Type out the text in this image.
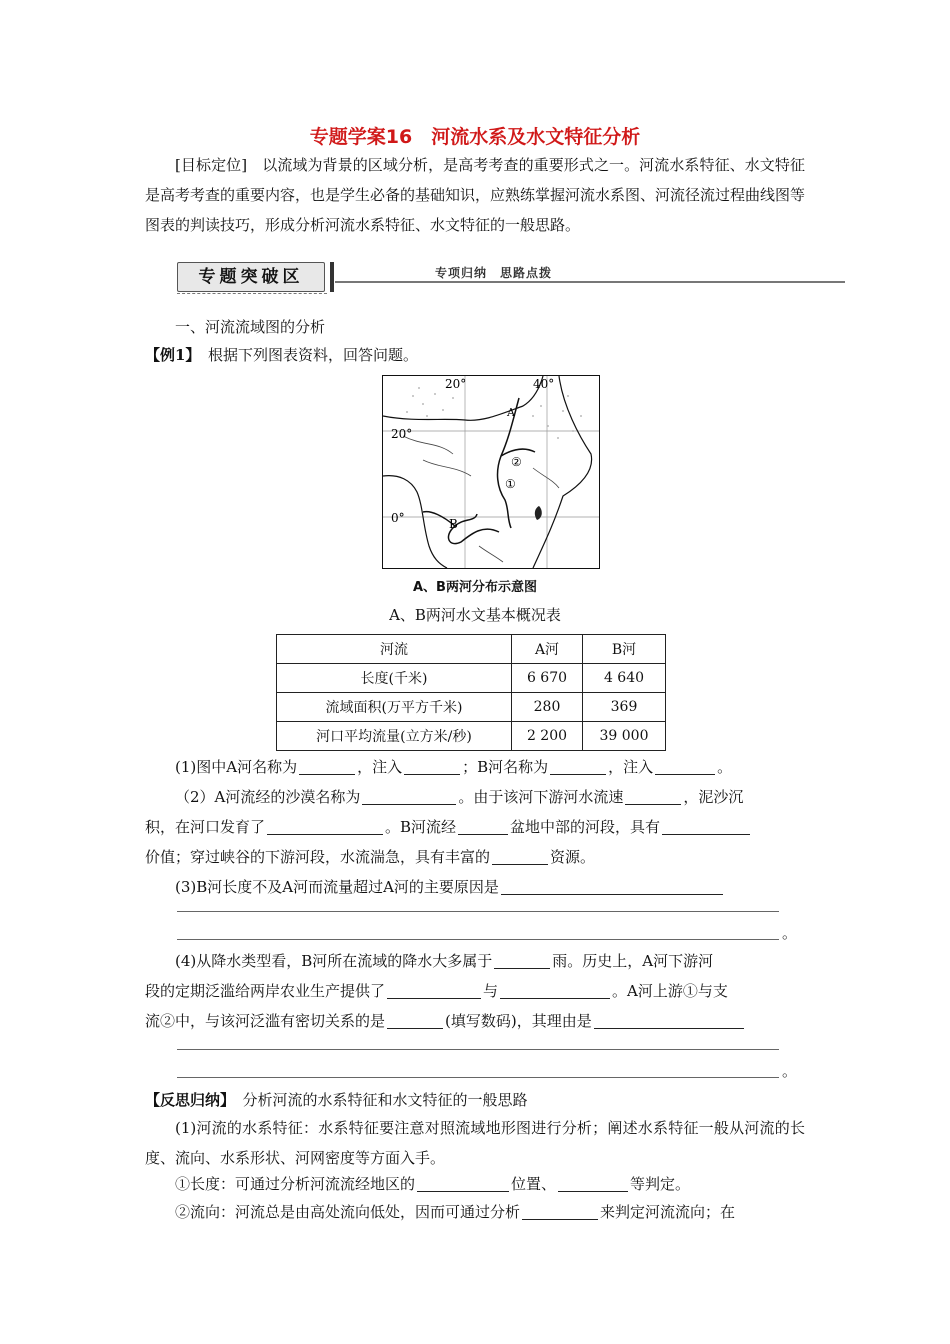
专题学案16　河流水系及水文特征分析
[目标定位]　 以流域为背景的区域分析，是高考考查的重要形式之一。河流水系特征、水文特征是高考考查的重要内容，也是学生必备的基础知识，应熟练掌握河流水系图、河流径流过程曲线图等图表的判读技巧，形成分析河流水系特征、水文特征的一般思路。
专题突破区	专项归纳　思路点拨
一、河流流域图的分析
【例1】　 根据下列图表资料，回答问题。
20°	40°
20°
0°	B
A
②
①
A、B两河分布示意图
A、B两河水文基本概况表
河流	A河	B河
长度(千米)	6 670	4 640
流域面积(万平方千米)	280	369
河口平均流量(立方米/秒)	2 200	39 000
(1)图中A河名称为	，注入	；B河名称为	，注入	。
（2）A河流经的沙漠名称为	。由于该河下游河水流速	，泥沙沉
积，在河口发育了	。B河流经	盆地中部的河段，具有
价值；穿过峡谷的下游河段，水流湍急，具有丰富的	资源。
(3)B河长度不及A河而流量超过A河的主要原因是
。
(4)从降水类型看，B河所在流域的降水大多属于	雨。历史上，A河下游河
段的定期泛滥给两岸农业生产提供了	与	。A河上游①与支
流②中，与该河泛滥有密切关系的是	(填写数码)，其理由是
。
【反思归纳】　 分析河流的水系特征和水文特征的一般思路
(1)河流的水系特征：水系特征要注意对照流域地形图进行分析；阐述水系特征一般从河流的长度、流向、水系形状、河网密度等方面入手。
①长度：可通过分析河流流经地区的	位置、	等判定。
②流向：河流总是由高处流向低处，因而可通过分析	来判定河流流向；在
